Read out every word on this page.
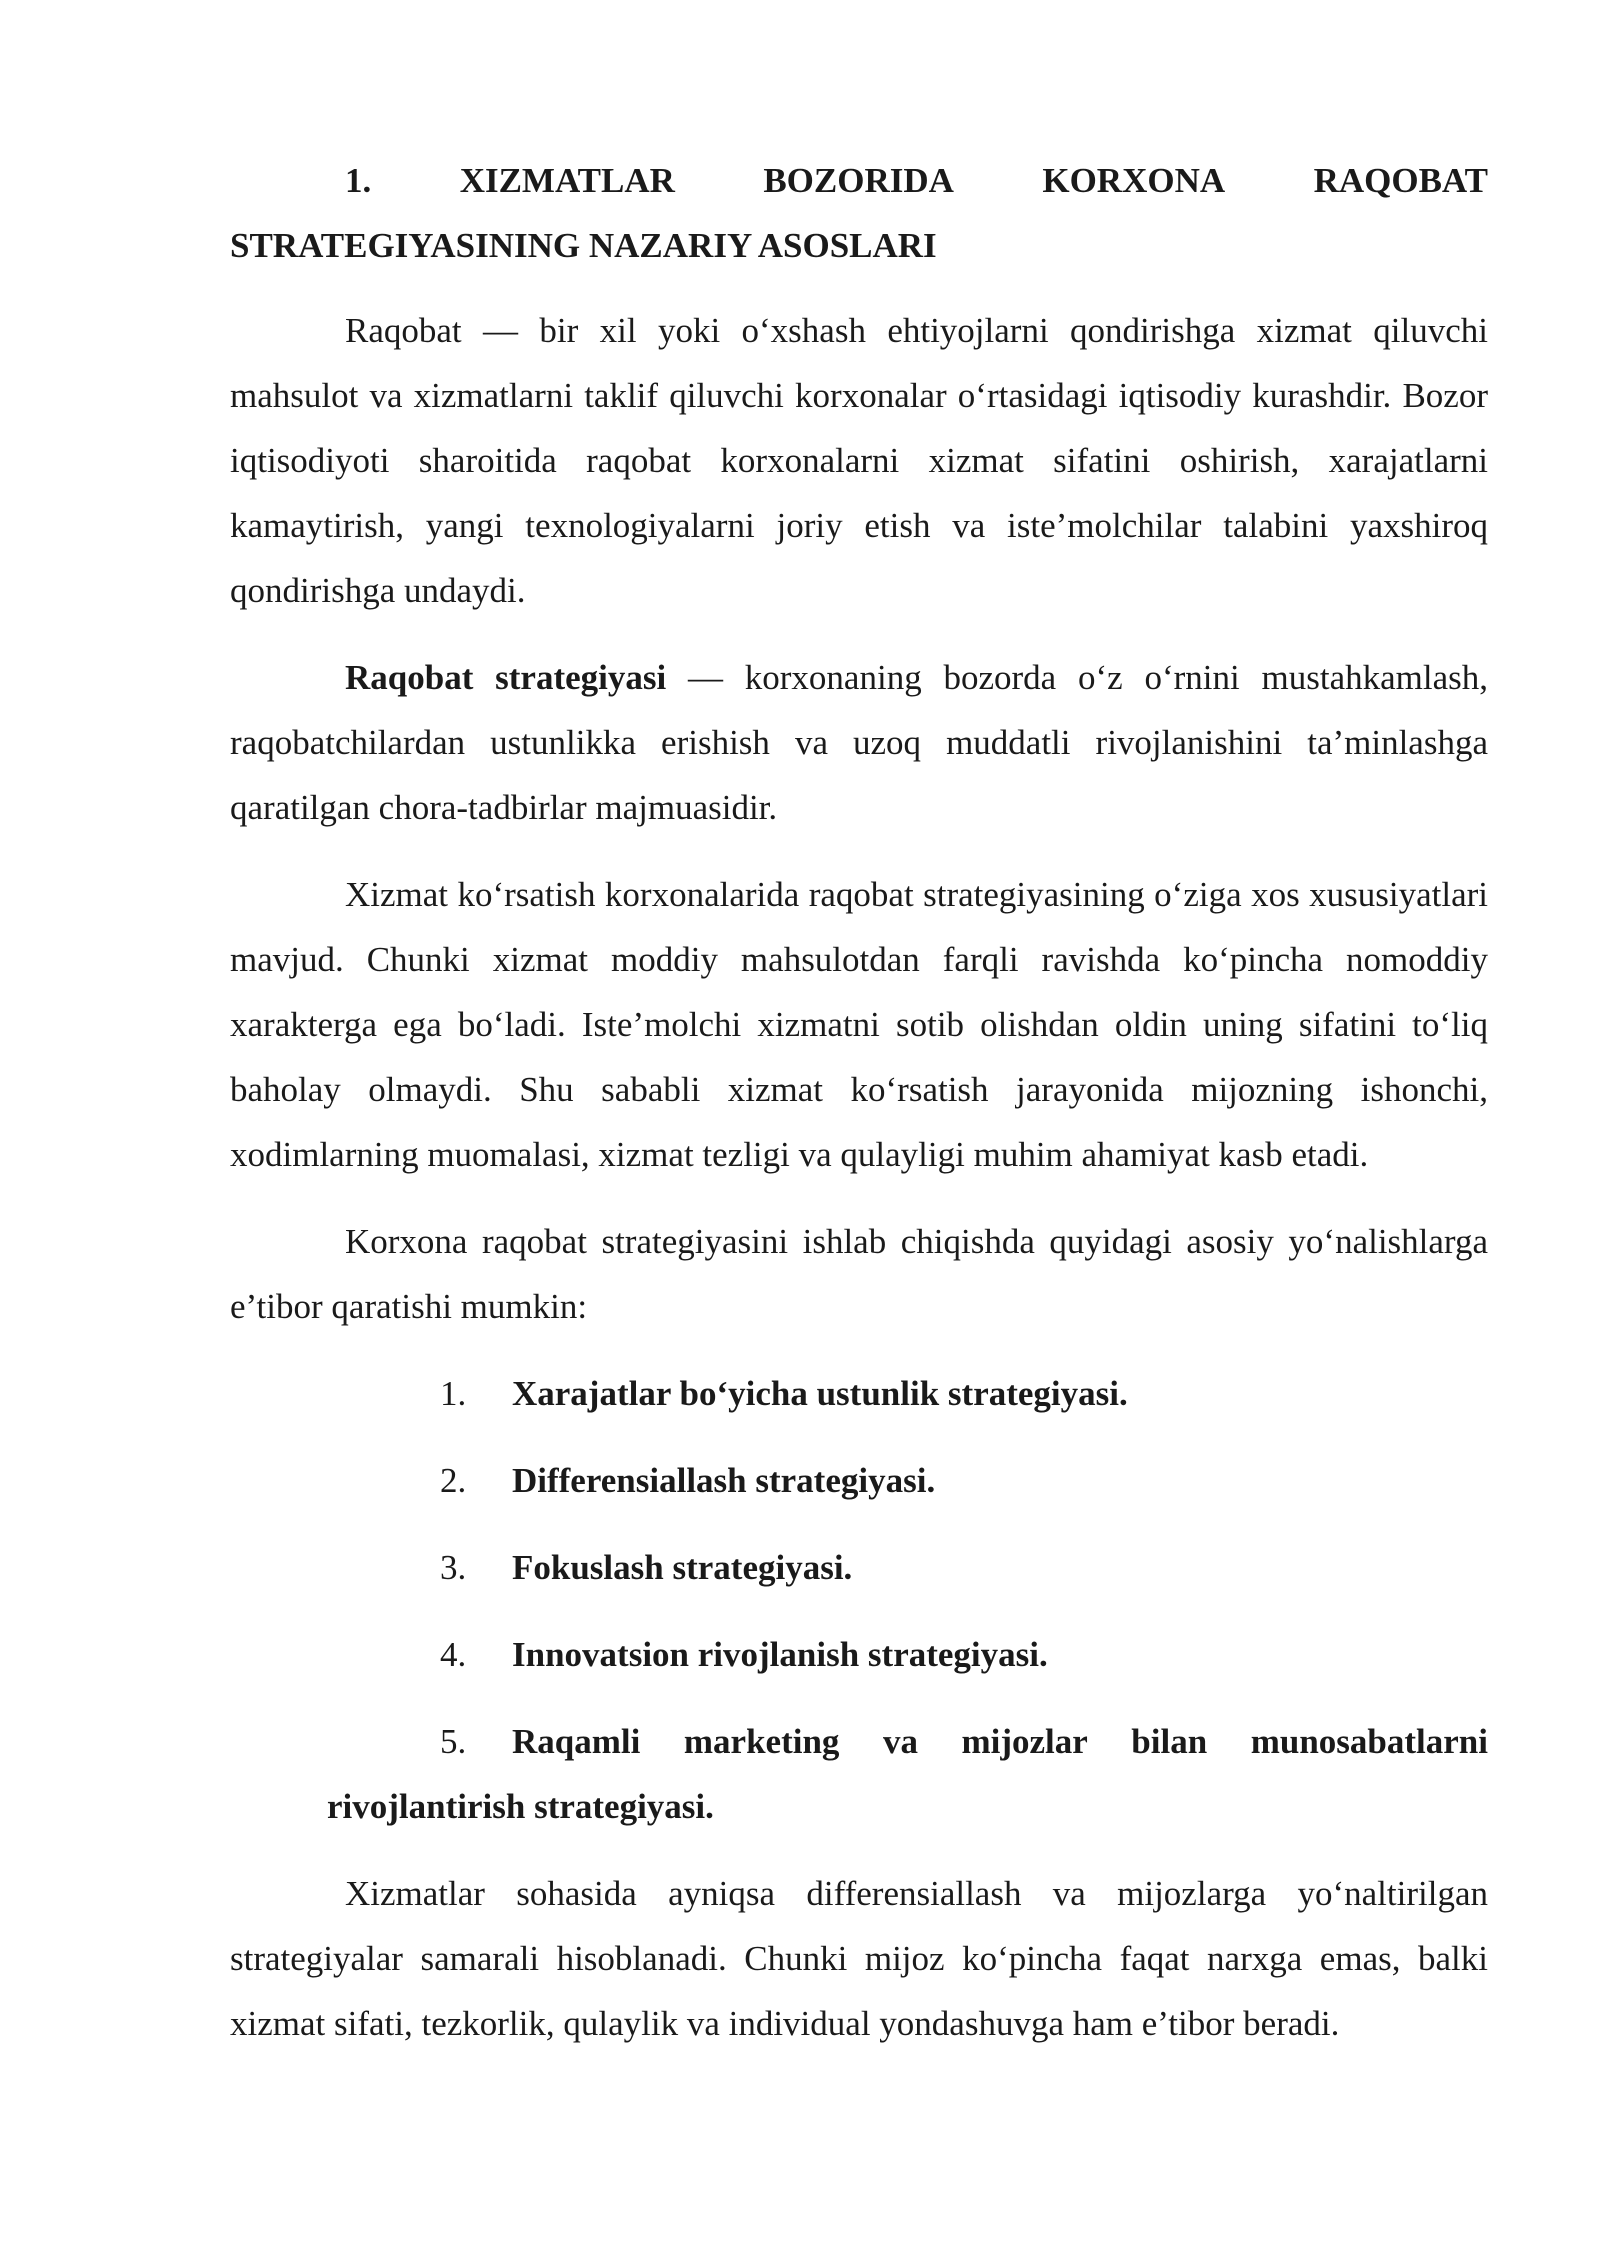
1.	XIZMATLAR	BOZORIDA	KORXONA	RAQOBAT
STRATEGIYASINING NAZARIY ASOSLARI

Raqobat — bir xil yoki o‘xshash ehtiyojlarni qondirishga xizmat qiluvchi mahsulot va xizmatlarni taklif qiluvchi korxonalar o‘rtasidagi iqtisodiy kurashdir. Bozor iqtisodiyoti sharoitida raqobat korxonalarni xizmat sifatini oshirish, xarajatlarni kamaytirish, yangi texnologiyalarni joriy etish va iste’molchilar talabini yaxshiroq qondirishga undaydi.

Raqobat strategiyasi — korxonaning bozorda o‘z o‘rnini mustahkamlash, raqobatchilardan ustunlikka erishish va uzoq muddatli rivojlanishini ta’minlashga qaratilgan chora-tadbirlar majmuasidir.

Xizmat ko‘rsatish korxonalarida raqobat strategiyasining o‘ziga xos xususiyatlari mavjud. Chunki xizmat moddiy mahsulotdan farqli ravishda ko‘pincha nomoddiy xarakterga ega bo‘ladi. Iste’molchi xizmatni sotib olishdan oldin uning sifatini to‘liq baholay olmaydi. Shu sababli xizmat ko‘rsatish jarayonida mijozning ishonchi, xodimlarning muomalasi, xizmat tezligi va qulayligi muhim ahamiyat kasb etadi.

Korxona raqobat strategiyasini ishlab chiqishda quyidagi asosiy yo‘nalishlarga e’tibor qaratishi mumkin:

1. Xarajatlar bo‘yicha ustunlik strategiyasi.
2. Differensiallash strategiyasi.
3. Fokuslash strategiyasi.
4. Innovatsion rivojlanish strategiyasi.
5. Raqamli marketing va mijozlar bilan munosabatlarni
rivojlantirish strategiyasi.

Xizmatlar sohasida ayniqsa differensiallash va mijozlarga yo‘naltirilgan strategiyalar samarali hisoblanadi. Chunki mijoz ko‘pincha faqat narxga emas, balki xizmat sifati, tezkorlik, qulaylik va individual yondashuvga ham e’tibor beradi.
